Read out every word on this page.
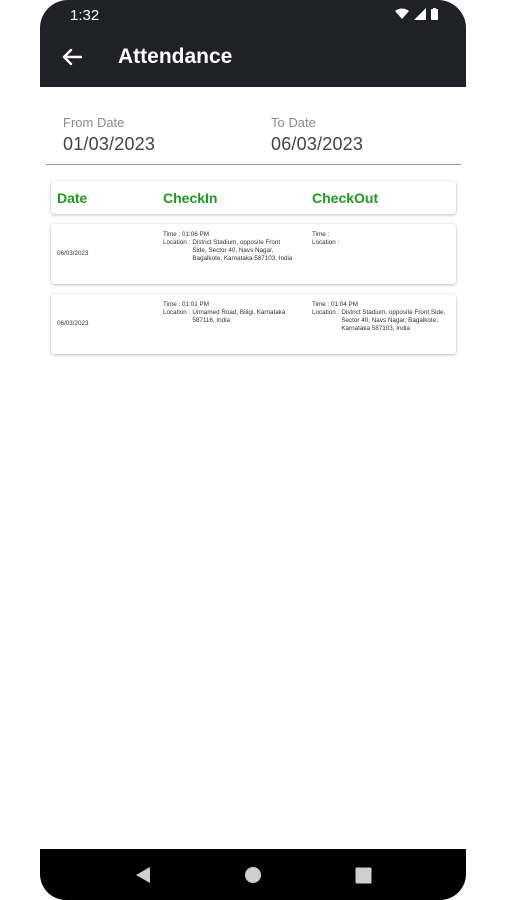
1:32
Attendance
From Date
01/03/2023
To Date
06/03/2023
Date	CheckIn	CheckOut
06/03/2023
Time : 01:06 PM
Location : District Stadium, opposite Front Side, Sector 40, Navs Nagar, Bagalkote, Karnataka 587103, India
Time :
Location :
06/03/2023
Time : 01:01 PM
Location : Unnamed Road, Biligi, Karnataka 587116, India
Time : 01:04 PM
Location : District Stadium, opposite Front Side, Sector 40, Navs Nagar, Bagalkote, Karnataka 587103, India
